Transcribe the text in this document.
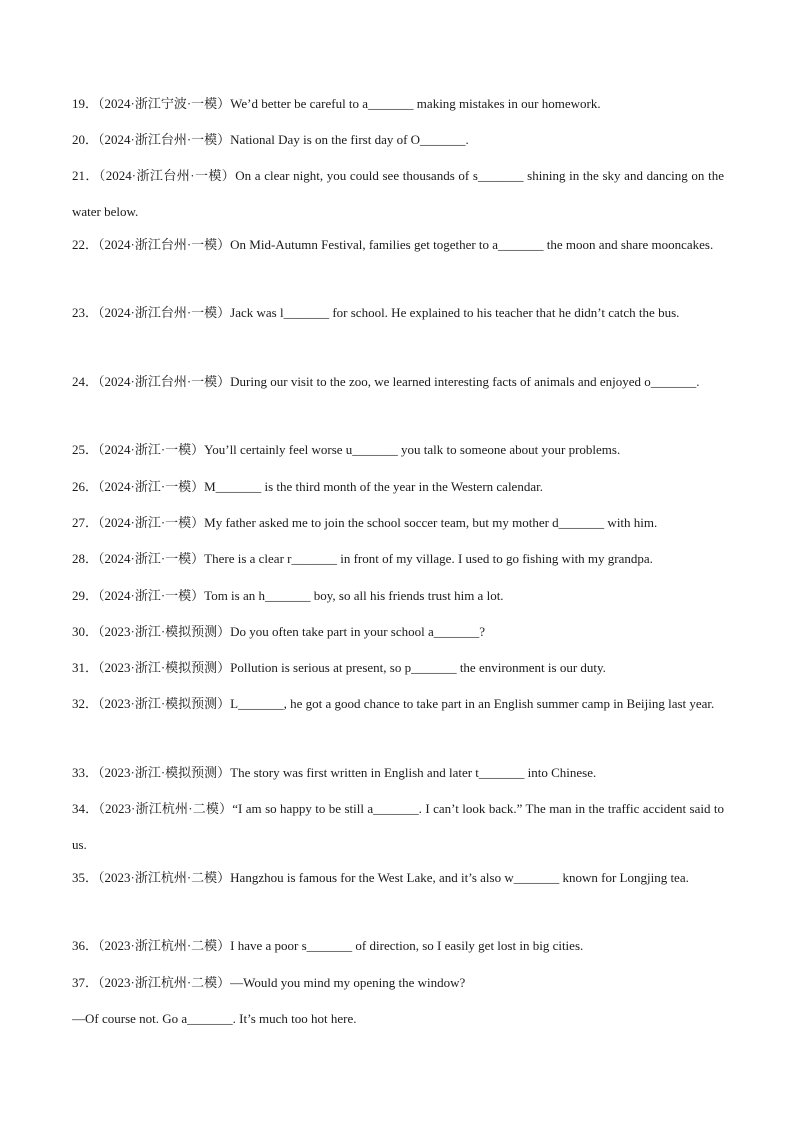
19．（2024·浙江宁波·一模）We’d better be careful to a_______ making mistakes in our homework.
20．（2024·浙江台州·一模）National Day is on the first day of O_______.
21．（2024·浙江台州·一模）On a clear night, you could see thousands of s_______ shining in the sky and dancing on the water below.
22．（2024·浙江台州·一模）On Mid-Autumn Festival, families get together to a_______ the moon and share mooncakes.
23．（2024·浙江台州·一模）Jack was l_______ for school. He explained to his teacher that he didn’t catch the bus.
24．（2024·浙江台州·一模）During our visit to the zoo, we learned interesting facts of animals and enjoyed o_______.
25．（2024·浙江·一模）You’ll certainly feel worse u_______ you talk to someone about your problems.
26．（2024·浙江·一模）M_______ is the third month of the year in the Western calendar.
27．（2024·浙江·一模）My father asked me to join the school soccer team, but my mother d_______ with him.
28．（2024·浙江·一模）There is a clear r_______ in front of my village. I used to go fishing with my grandpa.
29．（2024·浙江·一模）Tom is an h_______ boy, so all his friends trust him a lot.
30．（2023·浙江·模拟预测）Do you often take part in your school a_______?
31．（2023·浙江·模拟预测）Pollution is serious at present, so p_______ the environment is our duty.
32．（2023·浙江·模拟预测）L_______, he got a good chance to take part in an English summer camp in Beijing last year.
33．（2023·浙江·模拟预测）The story was first written in English and later t_______ into Chinese.
34．（2023·浙江杭州·二模）“I am so happy to be still a_______. I can’t look back.” The man in the traffic accident said to us.
35．（2023·浙江杭州·二模）Hangzhou is famous for the West Lake, and it’s also w_______ known for Longjing tea.
36．（2023·浙江杭州·二模）I have a poor s_______ of direction, so I easily get lost in big cities.
37．（2023·浙江杭州·二模）—Would you mind my opening the window?
—Of course not. Go a_______. It’s much too hot here.
